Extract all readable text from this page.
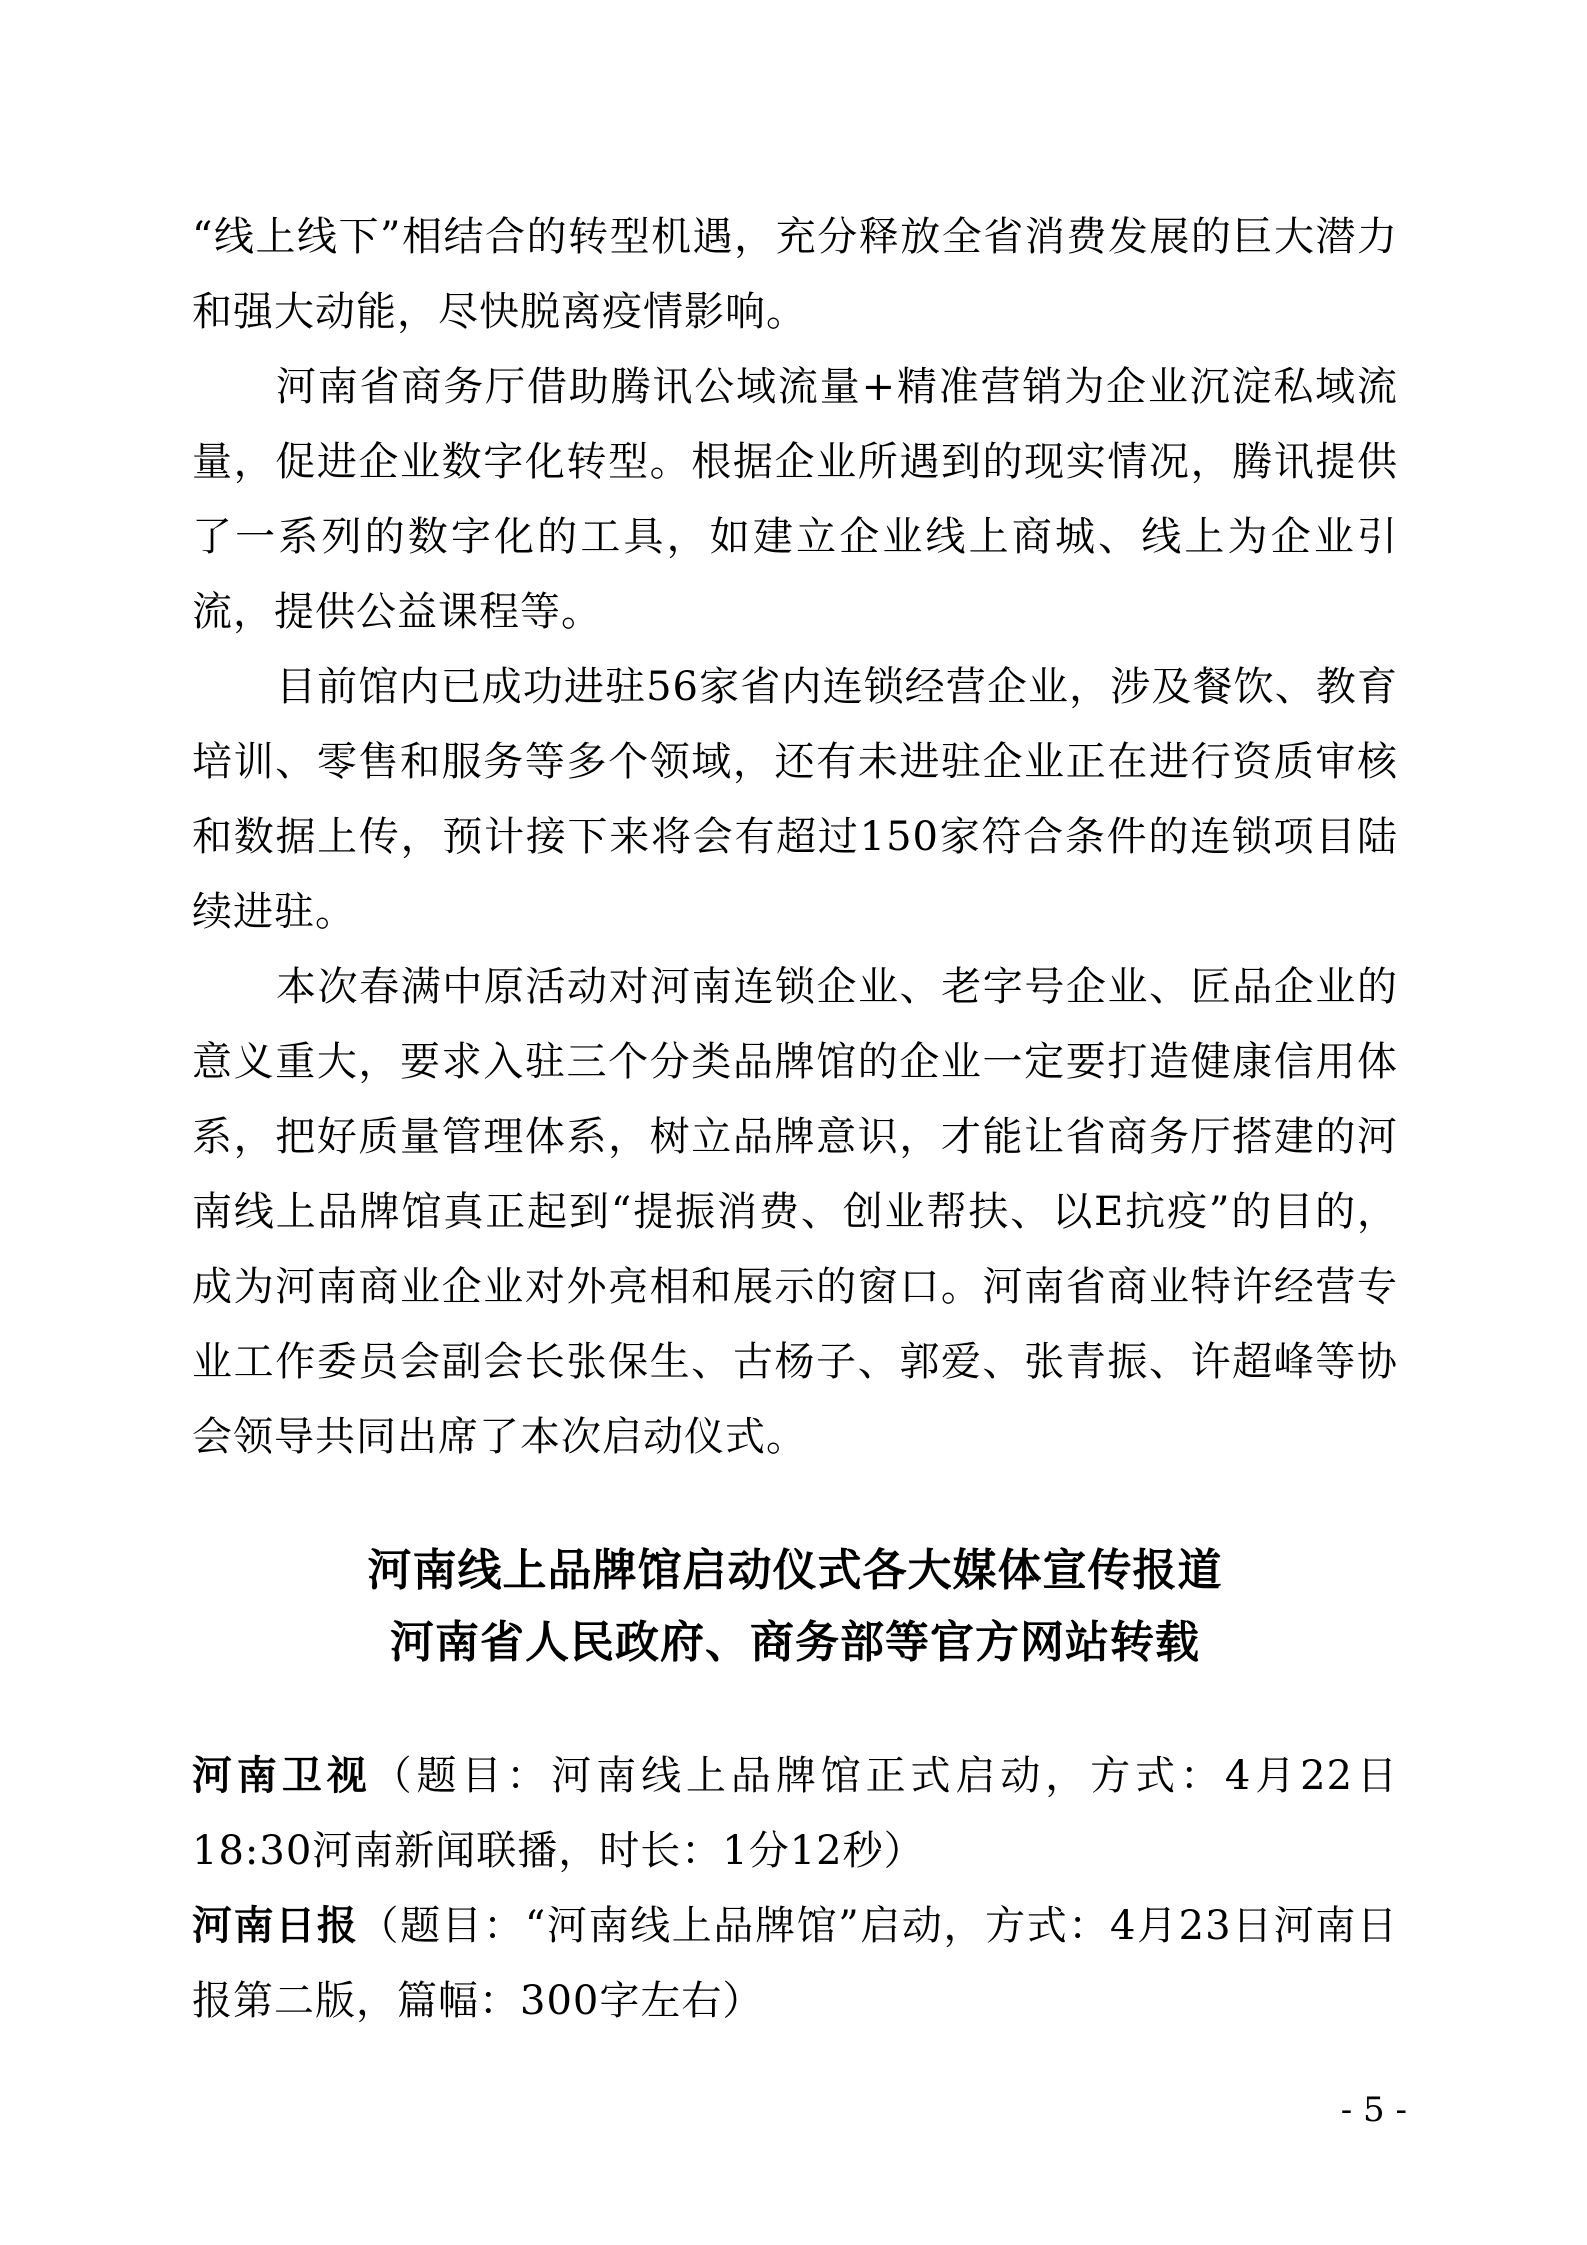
“线上线下”相结合的转型机遇，充分释放全省消费发展的巨大潜力和强大动能，尽快脱离疫情影响。

河南省商务厅借助腾讯公域流量+精准营销为企业沉淀私域流量，促进企业数字化转型。根据企业所遇到的现实情况，腾讯提供了一系列的数字化的工具，如建立企业线上商城、线上为企业引流，提供公益课程等。

目前馆内已成功进驻56家省内连锁经营企业，涉及餐饮、教育培训、零售和服务等多个领域，还有未进驻企业正在进行资质审核和数据上传，预计接下来将会有超过150家符合条件的连锁项目陆续进驻。

本次春满中原活动对河南连锁企业、老字号企业、匠品企业的意义重大，要求入驻三个分类品牌馆的企业一定要打造健康信用体系，把好质量管理体系，树立品牌意识，才能让省商务厅搭建的河南线上品牌馆真正起到“提振消费、创业帮扶、以E抗疫”的目的，成为河南商业企业对外亮相和展示的窗口。河南省商业特许经营专业工作委员会副会长张保生、古杨子、郭爱、张青振、许超峰等协会领导共同出席了本次启动仪式。

河南线上品牌馆启动仪式各大媒体宣传报道

河南省人民政府、商务部等官方网站转载

河南卫视（题目：河南线上品牌馆正式启动，方式：4月22日18:30河南新闻联播，时长：1分12秒）

河南日报（题目：“河南线上品牌馆”启动，方式：4月23日河南日报第二版，篇幅：300字左右）

- 5 -
